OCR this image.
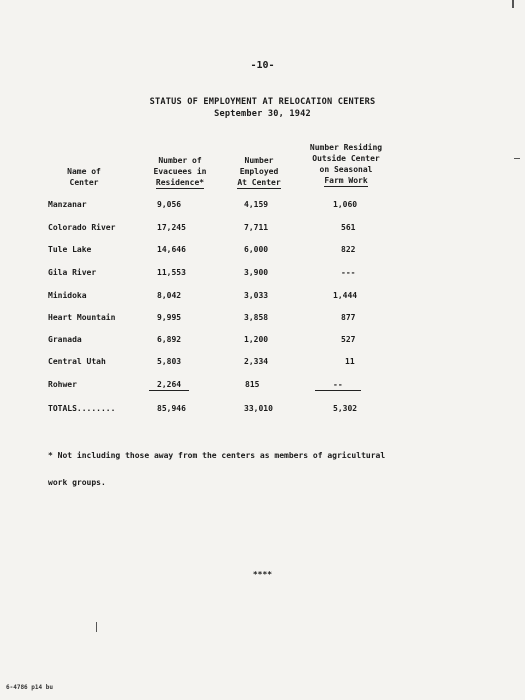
-10-
STATUS OF EMPLOYMENT AT RELOCATION CENTERS
September 30, 1942
Name of
Center
Number of
Evacuees in
Residence*
Number
Employed
At Center
Number Residing
Outside Center
on Seasonal
Farm Work
Manzanar	9,056	4,159	1,060
Colorado River	17,245	7,711	561
Tule Lake	14,646	6,000	822
Gila River	11,553	3,900	---
Minidoka	8,042	3,033	1,444
Heart Mountain	9,995	3,858	877
Granada	6,892	1,200	527
Central Utah	5,803	2,334	11
Rohwer	2,264	815	--
TOTALS........	85,946	33,010	5,302
* Not including those away from the centers as members of agricultural
work groups.
****
6-4786 p14 bu
